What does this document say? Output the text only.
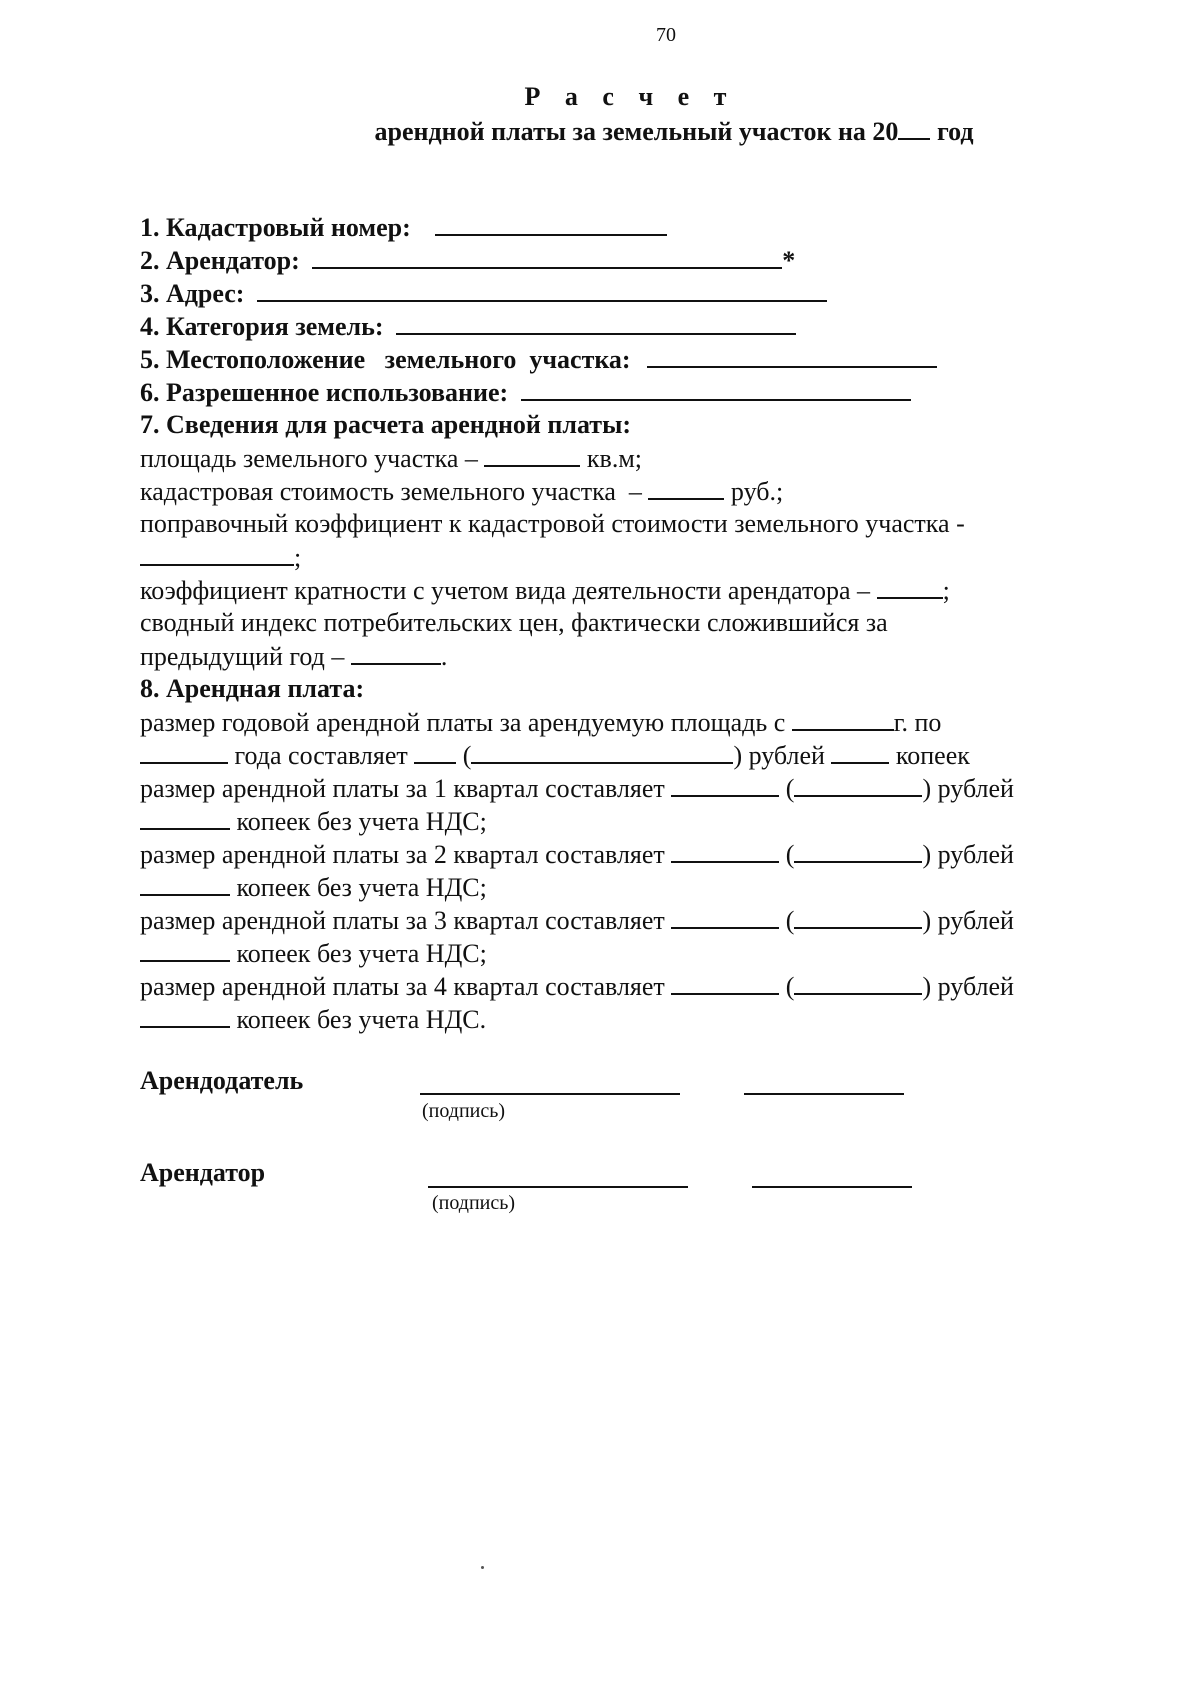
70
Р а с ч е т
арендной платы за земельный участок на 20 год
1. Кадастровый номер:
2. Арендатор:	*
3. Адрес:
4. Категория земель:
5. Местоположение   земельного  участка:
6. Разрешенное использование:
7. Сведения для расчета арендной платы:
площадь земельного участка –	кв.м;
кадастровая стоимость земельного участка  –	руб.;
поправочный коэффициент к кадастровой стоимости земельного участка -
;
коэффициент кратности с учетом вида деятельности арендатора –	;
сводный индекс потребительских цен, фактически сложившийся за
предыдущий год –	.
8. Арендная плата:
размер годовой арендной платы за арендуемую площадь с	г. по
года составляет  (	) рублей  копеек
размер арендной платы за 1 квартал составляет	(	) рублей
копеек без учета НДС;
размер арендной платы за 2 квартал составляет	(	) рублей
копеек без учета НДС;
размер арендной платы за 3 квартал составляет	(	) рублей
копеек без учета НДС;
размер арендной платы за 4 квартал составляет	(	) рублей
копеек без учета НДС.
Арендодатель
(подпись)
Арендатор
(подпись)
